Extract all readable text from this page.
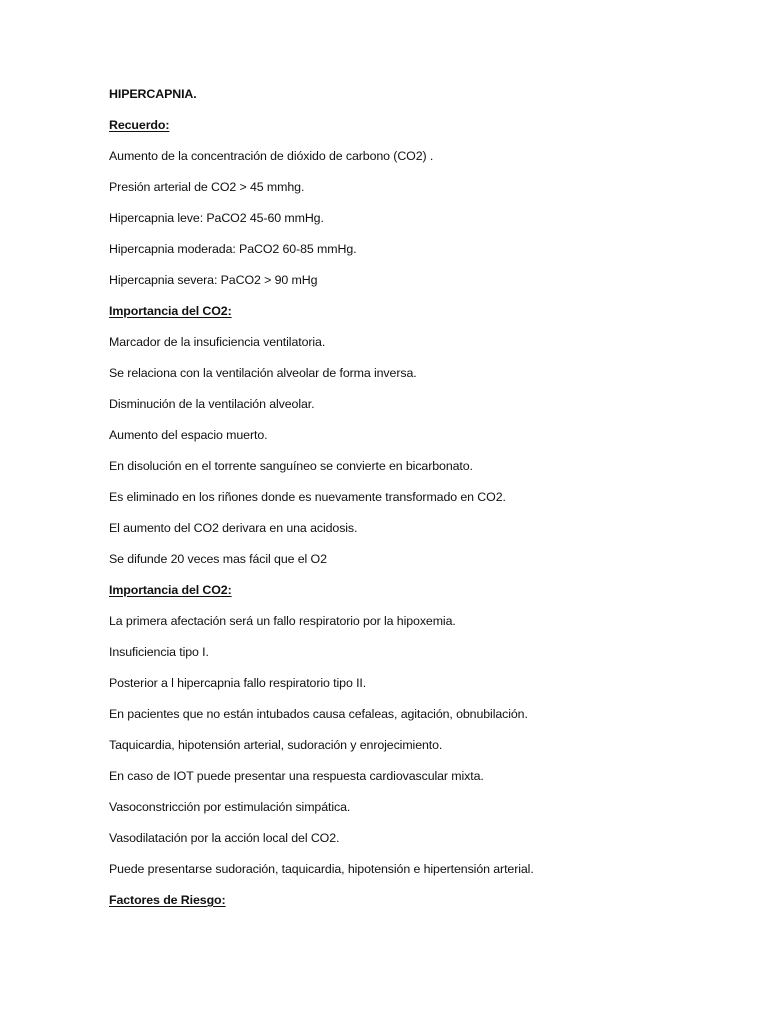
HIPERCAPNIA.
Recuerdo:
Aumento de la concentración de dióxido de carbono (CO2) .
Presión arterial de CO2 > 45 mmhg.
Hipercapnia leve: PaCO2 45-60 mmHg.
Hipercapnia moderada: PaCO2 60-85 mmHg.
Hipercapnia severa: PaCO2 > 90 mHg
Importancia del CO2:
Marcador de la insuficiencia ventilatoria.
Se relaciona con la ventilación alveolar de forma inversa.
Disminución de la ventilación alveolar.
Aumento del espacio muerto.
En disolución en el torrente sanguíneo se convierte en bicarbonato.
Es eliminado en los riñones donde es nuevamente transformado en CO2.
El aumento del CO2 derivara en una acidosis.
Se difunde 20 veces mas fácil que el O2
Importancia del CO2:
La primera afectación será un fallo respiratorio por la hipoxemia.
Insuficiencia tipo I.
Posterior a l hipercapnia fallo respiratorio tipo II.
En pacientes que no están intubados causa cefaleas, agitación, obnubilación.
Taquicardia, hipotensión arterial, sudoración y enrojecimiento.
En caso de IOT puede presentar una respuesta cardiovascular mixta.
Vasoconstricción por estimulación simpática.
Vasodilatación por la acción local del CO2.
Puede presentarse sudoración, taquicardia, hipotensión e hipertensión arterial.
Factores de Riesgo:
